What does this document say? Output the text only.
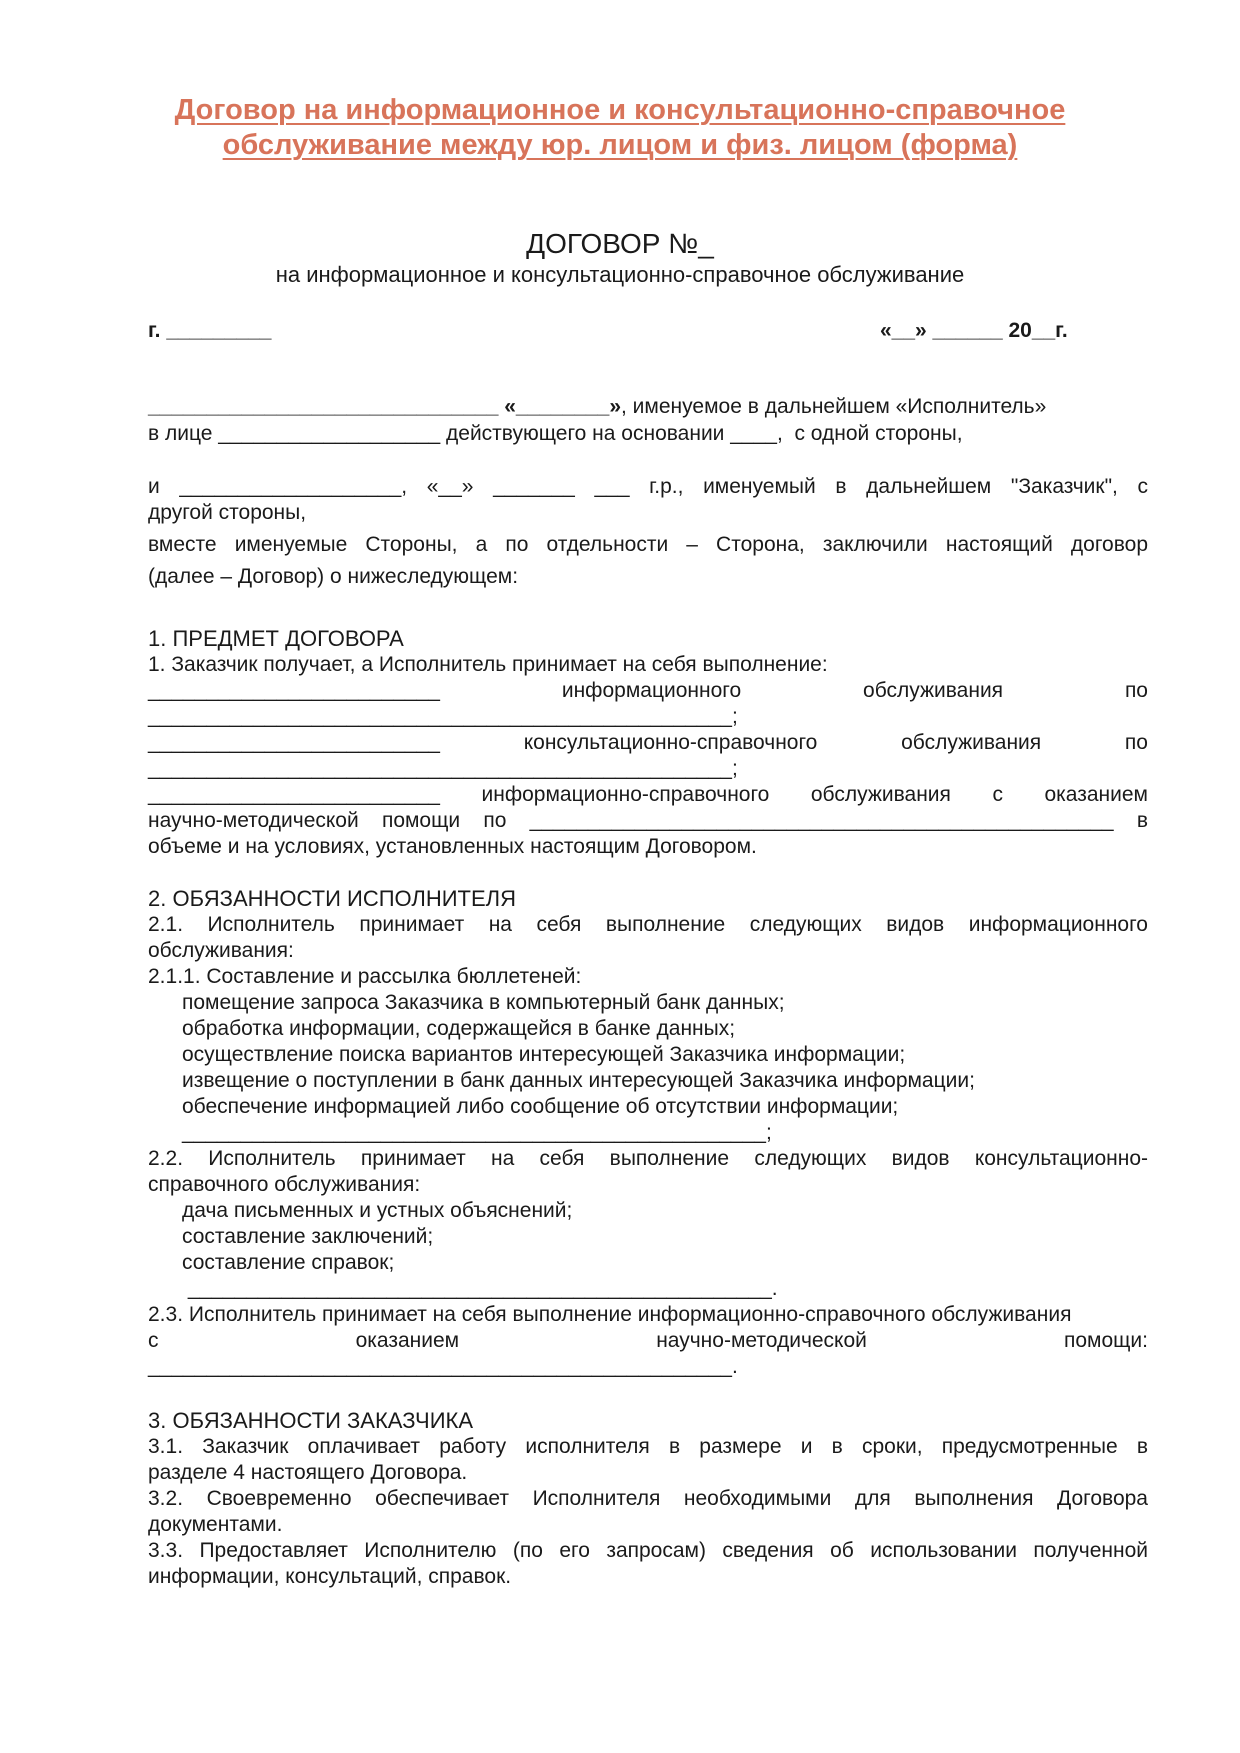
Договор на информационное и консультационно-справочное
обслуживание между юр. лицом и физ. лицом (форма)
ДОГОВОР №_
на информационное и консультационно-справочное обслуживание
г. _________	«__» ______ 20__г.
______________________________ «________», именуемое в дальнейшем «Исполнитель»
в лице ___________________ действующего на основании ____,  с одной стороны,
и ___________________, «__» _______ ___ г.р., именуемый в дальнейшем "Заказчик", с
другой стороны,
вместе именуемые Стороны, а по отдельности – Сторона, заключили настоящий договор
(далее – Договор) о нижеследующем:
1. ПРЕДМЕТ ДОГОВОРА
1. Заказчик получает, а Исполнитель принимает на себя выполнение:
_________________________	информационного	обслуживания	по
__________________________________________________;
_________________________	консультационно-справочного	обслуживания	по
__________________________________________________;
_________________________ информационно-справочного обслуживания с оказанием
научно-методической помощи по __________________________________________________ в
объеме и на условиях, установленных настоящим Договором.
2. ОБЯЗАННОСТИ ИСПОЛНИТЕЛЯ
2.1. Исполнитель принимает на себя выполнение следующих видов информационного
обслуживания:
2.1.1. Составление и рассылка бюллетеней:
помещение запроса Заказчика в компьютерный банк данных;
обработка информации, содержащейся в банке данных;
осуществление поиска вариантов интересующей Заказчика информации;
извещение о поступлении в банк данных интересующей Заказчика информации;
обеспечение информацией либо сообщение об отсутствии информации;
__________________________________________________;
2.2. Исполнитель принимает на себя выполнение следующих видов консультационно-
справочного обслуживания:
дача письменных и устных объяснений;
составление заключений;
составление справок;
__________________________________________________.
2.3. Исполнитель принимает на себя выполнение информационно-справочного обслуживания
с	оказанием	научно-методической	помощи:
__________________________________________________.
3. ОБЯЗАННОСТИ ЗАКАЗЧИКА
3.1. Заказчик оплачивает работу исполнителя в размере и в сроки, предусмотренные в
разделе 4 настоящего Договора.
3.2. Своевременно обеспечивает Исполнителя необходимыми для выполнения Договора
документами.
3.3. Предоставляет Исполнителю (по его запросам) сведения об использовании полученной
информации, консультаций, справок.
